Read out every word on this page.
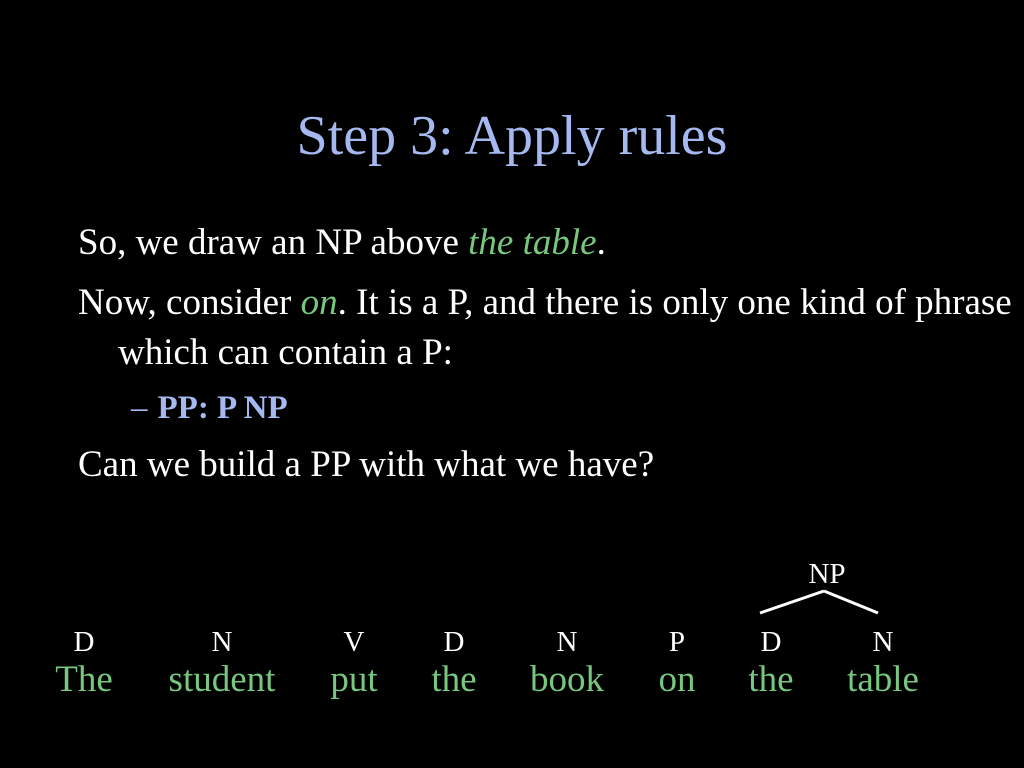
Step 3: Apply rules

So, we draw an NP above the table.

Now, consider on. It is a P, and there is only one kind of phrase which can contain a P:

– PP: P NP

Can we build a PP with what we have?

D
The
N
student
V
put
D
the
N
book
P
on
D
the
N
table
NP
